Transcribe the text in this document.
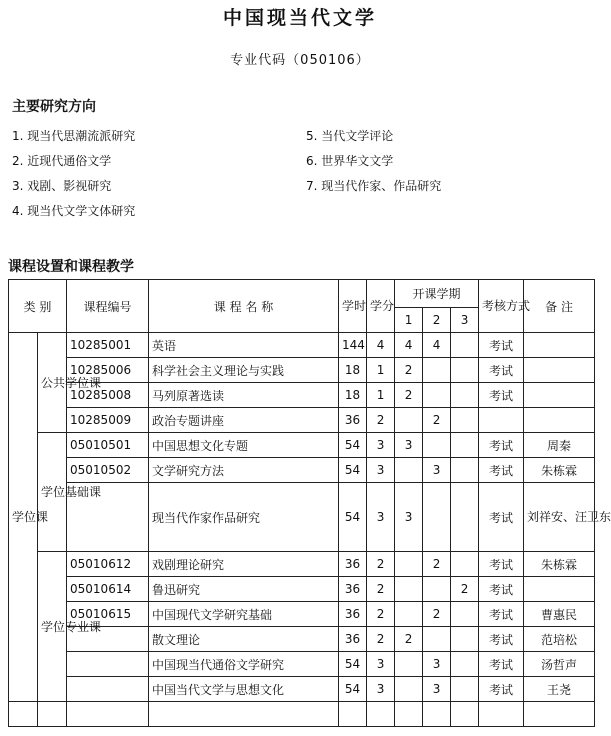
中国现当代文学
专业代码（050106）
主要研究方向
1. 现当代思潮流派研究
2. 近现代通俗文学
3. 戏剧、影视研究
4. 现当代文学文体研究
5. 当代文学评论
6. 世界华文文学
7. 现当代作家、作品研究
课程设置和课程教学
类 别		课程编号	课 程 名 称	学时	学分	开课学期			考核方式	备 注
						1	2	3		
学位课	公共学位课	10285001	英语	144	4	4	4		考试	
		10285006	科学社会主义理论与实践	18	1	2			考试	
		10285008	马列原著选读	18	1	2			考试	
		10285009	政治专题讲座	36	2		2			
	学位基础课	05010501	中国思想文化专题	54	3	3			考试	周秦
		05010502	文学研究方法	54	3		3		考试	朱栋霖
			现当代作家作品研究	54	3	3			考试	刘祥安、汪卫东
	学位专业课	05010612	戏剧理论研究	36	2		2		考试	朱栋霖
		05010614	鲁迅研究	36	2			2	考试	
		05010615	中国现代文学研究基础	36	2		2		考试	曹惠民
			散文理论	36	2	2			考试	范培松
			中国现当代通俗文学研究	54	3		3		考试	汤哲声
			中国当代文学与思想文化	54	3		3		考试	王尧
